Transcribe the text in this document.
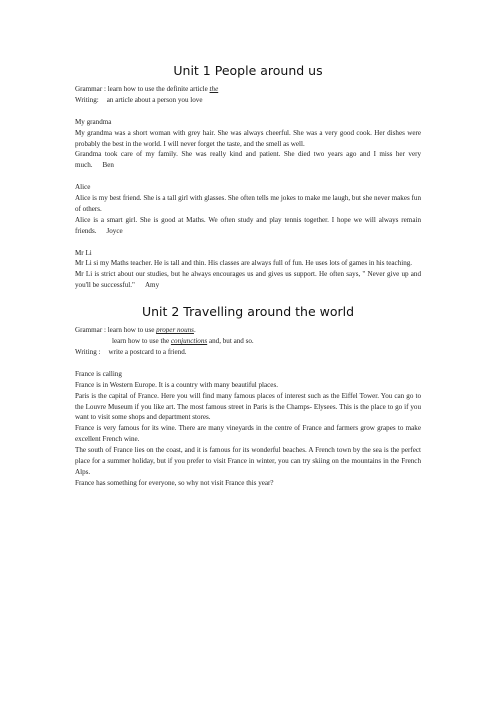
Unit 1 People around us
Grammar : learn how to use the definite article the
Writing: an article about a person you love
My grandma

My grandma was a short woman with grey hair. She was always cheerful. She was a very good cook. Her dishes were probably the best in the world. I will never forget the taste, and the smell as well.

Grandma took care of my family. She was really kind and patient. She died two years ago and I miss her very much. Ben

Alice

Alice is my best friend. She is a tall girl with glasses. She often tells me jokes to make me laugh, but she never makes fun of others.

Alice is a smart girl. She is good at Maths. We often study and play tennis together. I hope we will always remain friends. Joyce

Mr Li

Mr Li si my Maths teacher. He is tall and thin. His classes are always full of fun. He uses lots of games in his teaching.

Mr Li is strict about our studies, but he always encourages us and gives us support. He often says, " Never give up and you'll be successful." Amy

Unit 2 Travelling around the world
Grammar : learn how to use proper nouns.
learn how to use the conjunctions and, but and so.
Writing : write a postcard to a friend.
France is calling

France is in Western Europe. It is a country with many beautiful places.

Paris is the capital of France. Here you will find many famous places of interest such as the Eiffel Tower. You can go to the Louvre Museum if you like art. The most famous street in Paris is the Champs- Elysees. This is the place to go if you want to visit some shops and department stores.

France is very famous for its wine. There are many vineyards in the centre of France and farmers grow grapes to make excellent French wine.

The south of France lies on the coast, and it is famous for its wonderful beaches. A French town by the sea is the perfect place for a summer holiday, but if you prefer to visit France in winter, you can try skiing on the mountains in the French Alps.

France has something for everyone, so why not visit France this year?
